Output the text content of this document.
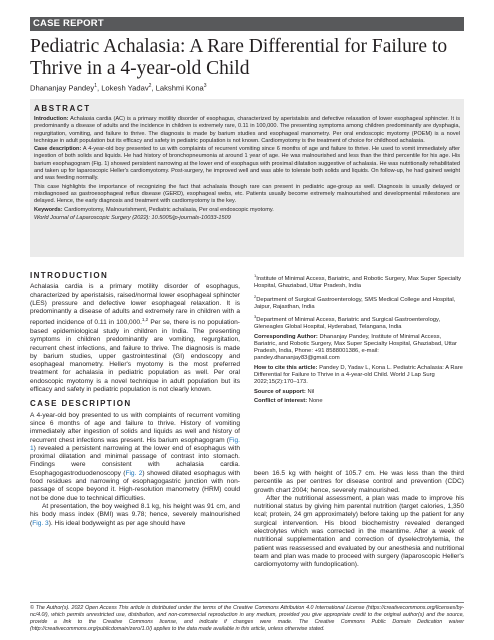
CASE REPORT
Pediatric Achalasia: A Rare Differential for Failure to Thrive in a 4-year-old Child
Dhananjay Pandey$^1$, Lokesh Yadav$^2$, Lakshmi Kona$^3$
ABSTRACT

Introduction: Achalasia cardia (AC) is a primary motility disorder of esophagus, characterized by aperistalsis and defective relaxation of lower esophageal sphincter. It is predominantly a disease of adults and the incidence in children is extremely rare, 0.11 in 100,000. The presenting symptoms among children predominantly are dysphagia, regurgitation, vomiting, and failure to thrive. The diagnosis is made by barium studies and esophageal manometry. Per oral endoscopic myotomy (POEM) is a novel technique in adult population but its efficacy and safety in pediatric population is not known. Cardiomyotomy is the treatment of choice for childhood achalasia.

Case description: A 4-year-old boy presented to us with complaints of recurrent vomiting since 6 months of age and failure to thrive. He used to vomit immediately after ingestion of both solids and liquids. He had history of bronchopneumonia at around 1 year of age. He was malnourished and less than the third percentile for his age. His barium esophagogram (Fig. 1) showed persistent narrowing at the lower end of esophagus with proximal dilatation suggestive of achalasia. He was nutritionally rehabilitated and taken up for laparoscopic Heller's cardiomyotomy. Post-surgery, he improved well and was able to tolerate both solids and liquids. On follow-up, he had gained weight and was feeding normally.

This case highlights the importance of recognizing the fact that achalasia though rare can present in pediatric age-group as well. Diagnosis is usually delayed or misdiagnosed as gastroesophageal reflux disease (GERD), esophageal webs, etc. Patients usually become extremely malnourished and developmental milestones are delayed. Hence, the early diagnosis and treatment with cardiomyotomy is the key.

Keywords: Cardiomyotomy, Malnourishment, Pediatric achalasia, Per oral endoscopic myotomy.

World Journal of Laparoscopic Surgery (2022): 10.5005/jp-journals-10033-1509

INTRODUCTION

Achalasia cardia is a primary motility disorder of esophagus, characterized by aperistalsis, raised/normal lower esophageal sphincter (LES) pressure and defective lower esophageal relaxation. It is predominantly a disease of adults and extremely rare in children with a reported incidence of 0.11 in 100,000.$^{1,2}$ Per se, there is no population-based epidemiological study in children in India. The presenting symptoms in children predominantly are vomiting, regurgitation, recurrent chest infections, and failure to thrive. The diagnosis is made by barium studies, upper gastrointestinal (GI) endoscopy and esophageal manometry. Heller's myotomy is the most preferred treatment for achalasia in pediatric population as well. Per oral endoscopic myotomy is a novel technique in adult population but its efficacy and safety in pediatric population is not clearly known.

CASE DESCRIPTION

A 4-year-old boy presented to us with complaints of recurrent vomiting since 6 months of age and failure to thrive. History of vomiting immediately after ingestion of solids and liquids as well and history of recurrent chest infections was present. His barium esophagogram (Fig. 1) revealed a persistent narrowing at the lower end of esophagus with proximal dilatation and minimal passage of contrast into stomach. Findings were consistent with achalasia cardia. Esophagogastroduodenoscopy (Fig. 2) showed dilated esophagus with food residues and narrowing of esophagogastric junction with non-passage of scope beyond it. High-resolution manometry (HRM) could not be done due to technical difficulties.

At presentation, the boy weighed 8.1 kg, his height was 91 cm, and his body mass index (BMI) was 9.78; hence, severely malnourished (Fig. 3). His ideal bodyweight as per age should have

$^1$Institute of Minimal Access, Bariatric, and Robotic Surgery, Max Super Specialty Hospital, Ghaziabad, Uttar Pradesh, India

$^2$Department of Surgical Gastroenterology, SMS Medical College and Hospital, Jaipur, Rajasthan, India

$^3$Department of Minimal Access, Bariatric and Surgical Gastroenterology, Gleneagles Global Hospital, Hyderabad, Telangana, India

Corresponding Author: Dhananjay Pandey, Institute of Minimal Access, Bariatric, and Robotic Surgery, Max Super Specialty Hospital, Ghaziabad, Uttar Pradesh, India, Phone: +91 8588001386, e-mail: pandey.dhananjay83@gmail.com

How to cite this article: Pandey D, Yadav L, Kona L. Pediatric Achalasia: A Rare Differential for Failure to Thrive in a 4-year-old Child. World J Lap Surg 2022;15(2):170–173.

Source of support: Nil

Conflict of interest: None

been 16.5 kg with height of 105.7 cm. He was less than the third percentile as per centres for disease control and prevention (CDC) growth chart 2004; hence, severely malnourished.

After the nutritional assessment, a plan was made to improve his nutritional status by giving him parental nutrition (target calories, 1,350 kcal; protein, 24 gm approximately) before taking up the patient for any surgical intervention. His blood biochemistry revealed deranged electrolytes which was corrected in the meantime. After a week of nutritional supplementation and correction of dyselectrolytemia, the patient was reassessed and evaluated by our anesthesia and nutritional team and plan was made to proceed with surgery (laparoscopic Heller's cardiomyotomy with fundoplication).

© The Author(s). 2022 Open Access This article is distributed under the terms of the Creative Commons Attribution 4.0 International License (https://creativecommons.org/licenses/by-nc/4.0/), which permits unrestricted use, distribution, and non-commercial reproduction in any medium, provided you give appropriate credit to the original author(s) and the source, provide a link to the Creative Commons license, and indicate if changes were made. The Creative Commons Public Domain Dedication waiver (http://creativecommons.org/publicdomain/zero/1.0/) applies to the data made available in this article, unless otherwise stated.
